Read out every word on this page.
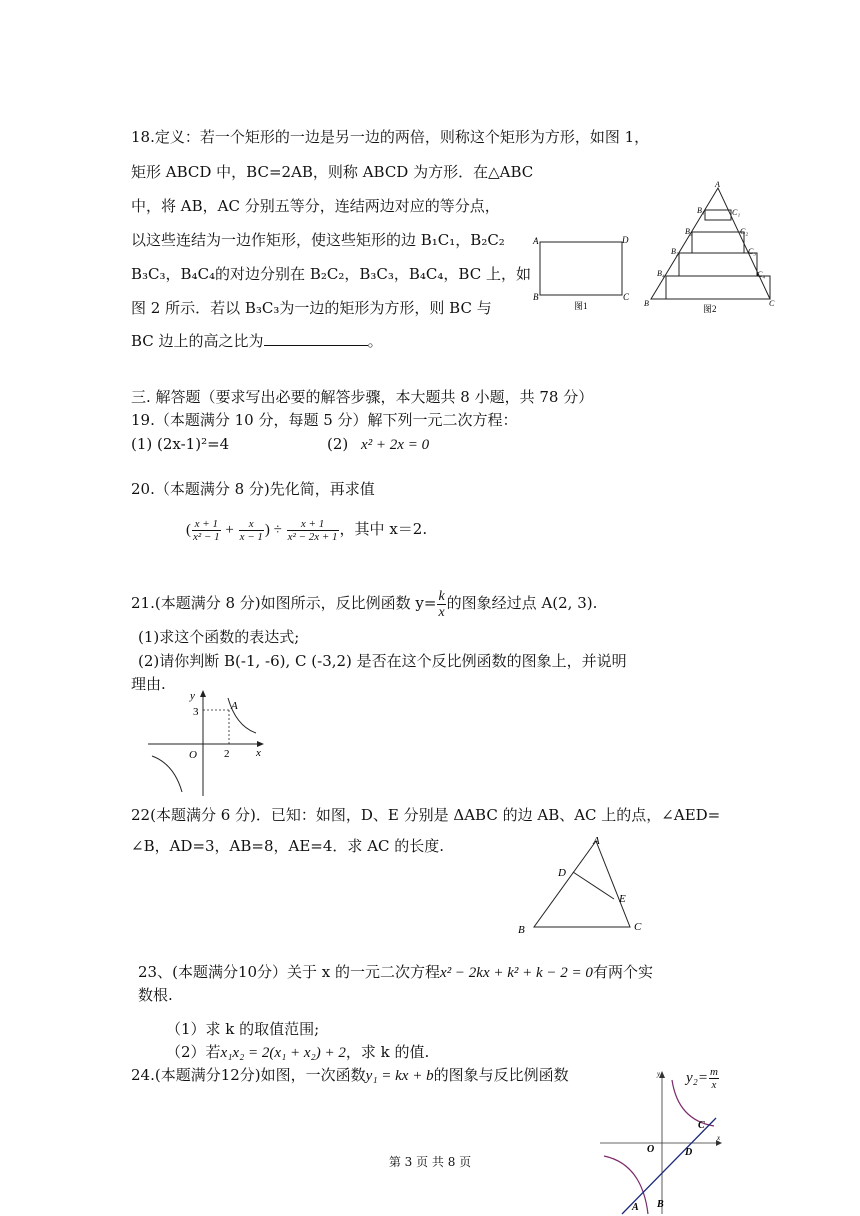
18.定义：若一个矩形的一边是另一边的两倍，则称这个矩形为方形，如图 1，
矩形 ABCD 中，BC=2AB，则称 ABCD 为方形．在△ABC
中，将 AB，AC 分别五等分，连结两边对应的等分点，
以这些连结为一边作矩形，使这些矩形的边 B₁C₁，B₂C₂
B₃C₃，B₄C₄的对边分别在 B₂C₂，B₃C₃，B₄C₄，BC 上，如
图 2 所示．若以 B₃C₃为一边的矩形为方形，则 BC 与
BC 边上的高之比为	。
A
B	C
D
图1
A
B₁	C₁
B₂	C₂
B₃	C₃
B₄	C₄
B	C
图2
三. 解答题（要求写出必要的解答步骤，本大题共 8 小题，共 78 分）
19.（本题满分 10 分，每题 5 分）解下列一元二次方程：
(1) (2x-1)²=4	(2) x² + 2x = 0
20.（本题满分 8 分)先化简，再求值
( $\frac{x + 1}{\text{x² − 1}} + \frac{x}{x - 1}$ ) ÷ $\frac{x + 1}{\text{x² − 2x + 1}}$ ，其中 x＝2.
21.(本题满分 8 分)如图所示，反比例函数 $y= \frac{k}{x}$ 的图象经过点 A(2, 3).
(1)求这个函数的表达式;
(2)请你判断 B(-1, -6), C (-3,2) 是否在这个反比例函数的图象上，并说明
理由.
y
x
O
A
2
3
22(本题满分 6 分)．已知：如图，D、E 分别是 ΔABC 的边 AB、AC 上的点，∠AED=
∠B，AD=3，AB=8，AE=4．求 AC 的长度.	A
B	C
D
E
23、(本题满分10分）关于 x 的一元二次方程x² − 2kx + k² + k − 2 = 0有两个实
数根.
（1）求 k 的取值范围;
（2）若x₁x₂ = 2(x₁ + x₂) + 2，求 k 的值.
24.(本题满分12分)如图，一次函数y₁ = kx + b的图象与反比例函数	$y_2= \frac{m}{x}$
y
x
O
A B
C
D
第 3 页 共 8 页
